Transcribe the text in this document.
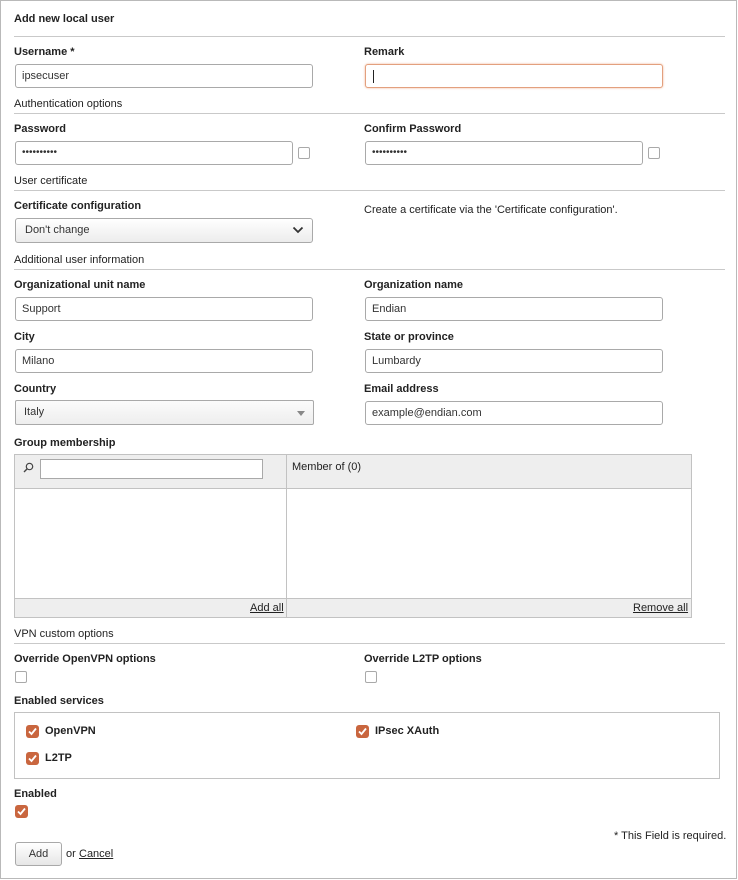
Add new local user
Username *
ipsecuser
Remark
Authentication options
Password
••••••••••
Confirm Password
••••••••••
User certificate
Certificate configuration
Don't change
Create a certificate via the 'Certificate configuration'.
Additional user information
Organizational unit name
Support
Organization name
Endian
City
Milano
State or province
Lumbardy
Country
Italy
Email address
example@endian.com
Group membership
Member of (0)
Add all	Remove all
VPN custom options
Override OpenVPN options	Override L2TP options
Enabled services
OpenVPN	IPsec XAuth
L2TP
Enabled
* This Field is required.
Add	or Cancel
